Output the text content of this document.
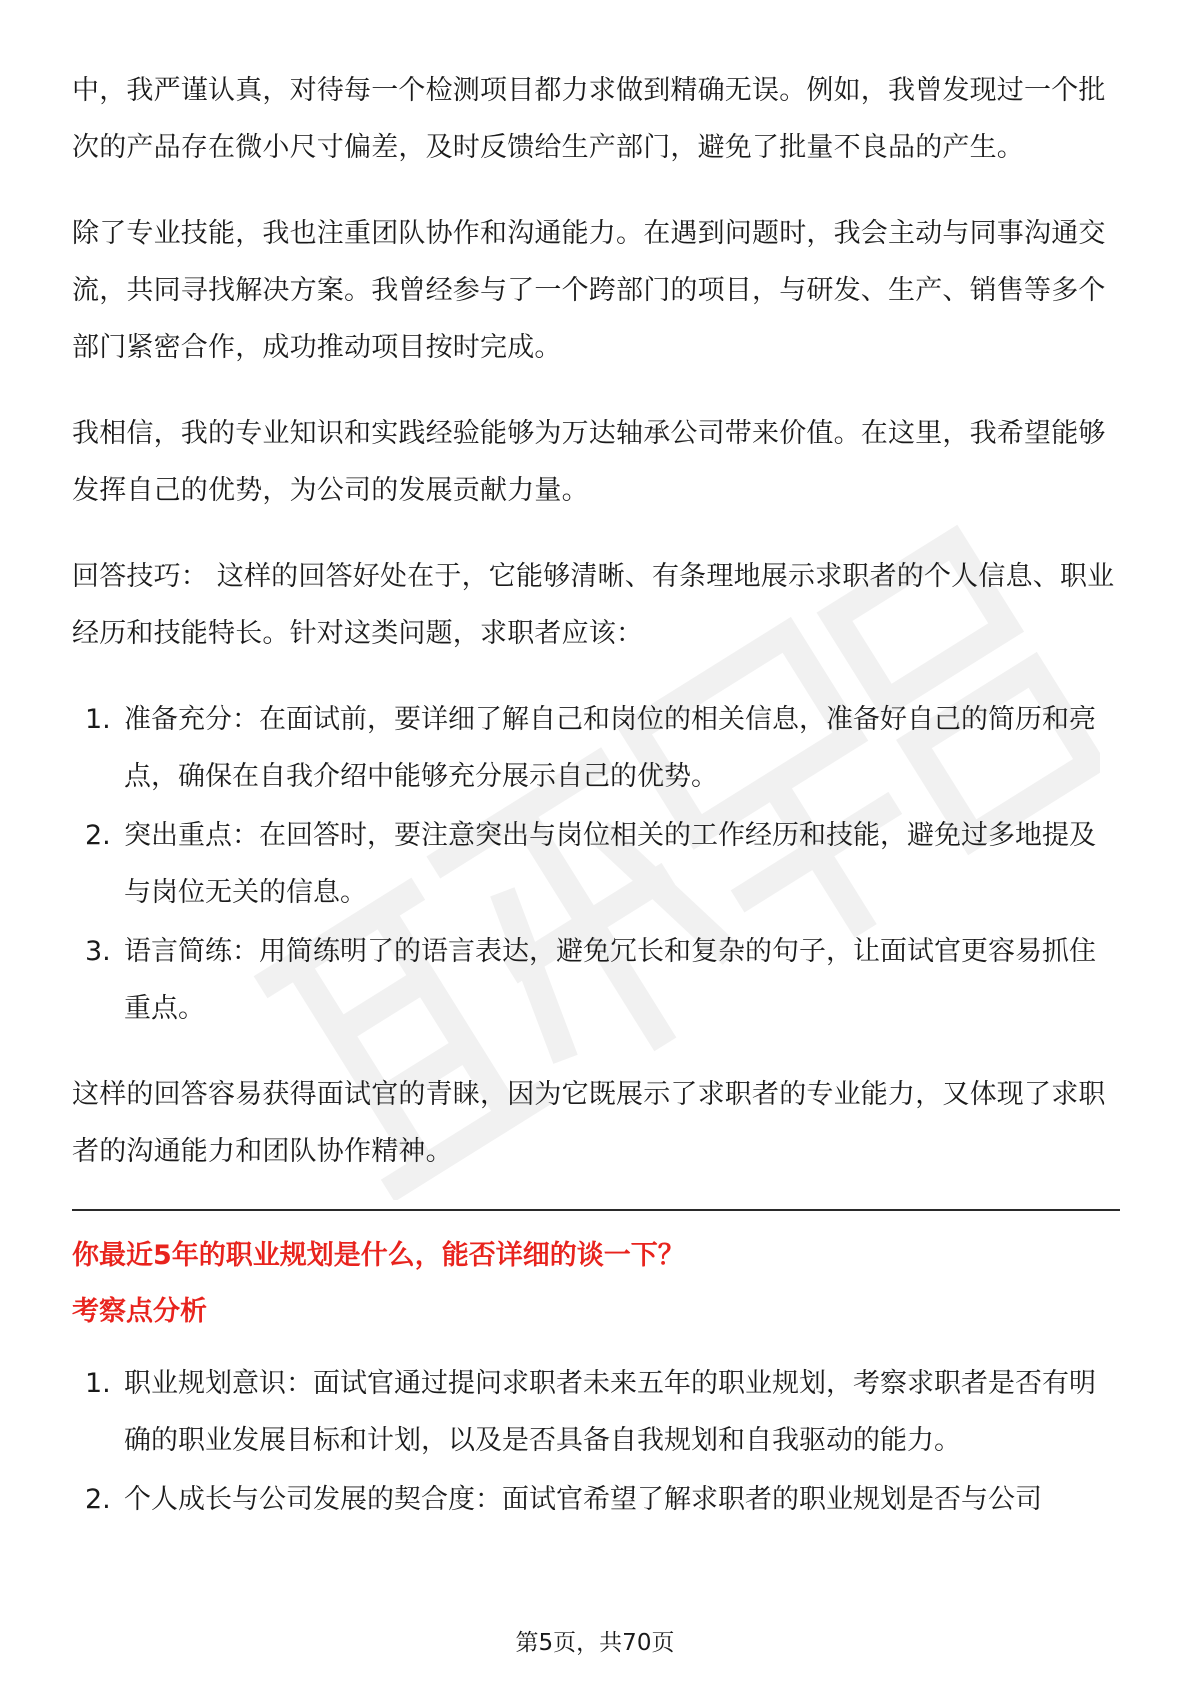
中，我严谨认真，对待每一个检测项目都力求做到精确无误。例如，我曾发现过一个批次的产品存在微小尺寸偏差，及时反馈给生产部门，避免了批量不良品的产生。

除了专业技能，我也注重团队协作和沟通能力。在遇到问题时，我会主动与同事沟通交流，共同寻找解决方案。我曾经参与了一个跨部门的项目，与研发、生产、销售等多个部门紧密合作，成功推动项目按时完成。

我相信，我的专业知识和实践经验能够为万达轴承公司带来价值。在这里，我希望能够发挥自己的优势，为公司的发展贡献力量。

回答技巧： 这样的回答好处在于，它能够清晰、有条理地展示求职者的个人信息、职业经历和技能特长。针对这类问题，求职者应该：

1. 准备充分：在面试前，要详细了解自己和岗位的相关信息，准备好自己的简历和亮点，确保在自我介绍中能够充分展示自己的优势。
2. 突出重点：在回答时，要注意突出与岗位相关的工作经历和技能，避免过多地提及与岗位无关的信息。
3. 语言简练：用简练明了的语言表达，避免冗长和复杂的句子，让面试官更容易抓住重点。

这样的回答容易获得面试官的青睐，因为它既展示了求职者的专业能力，又体现了求职者的沟通能力和团队协作精神。

你最近5年的职业规划是什么，能否详细的谈一下？
考察点分析
1. 职业规划意识：面试官通过提问求职者未来五年的职业规划，考察求职者是否有明确的职业发展目标和计划，以及是否具备自我规划和自我驱动的能力。
2. 个人成长与公司发展的契合度：面试官希望了解求职者的职业规划是否与公司
第5页，共70页
